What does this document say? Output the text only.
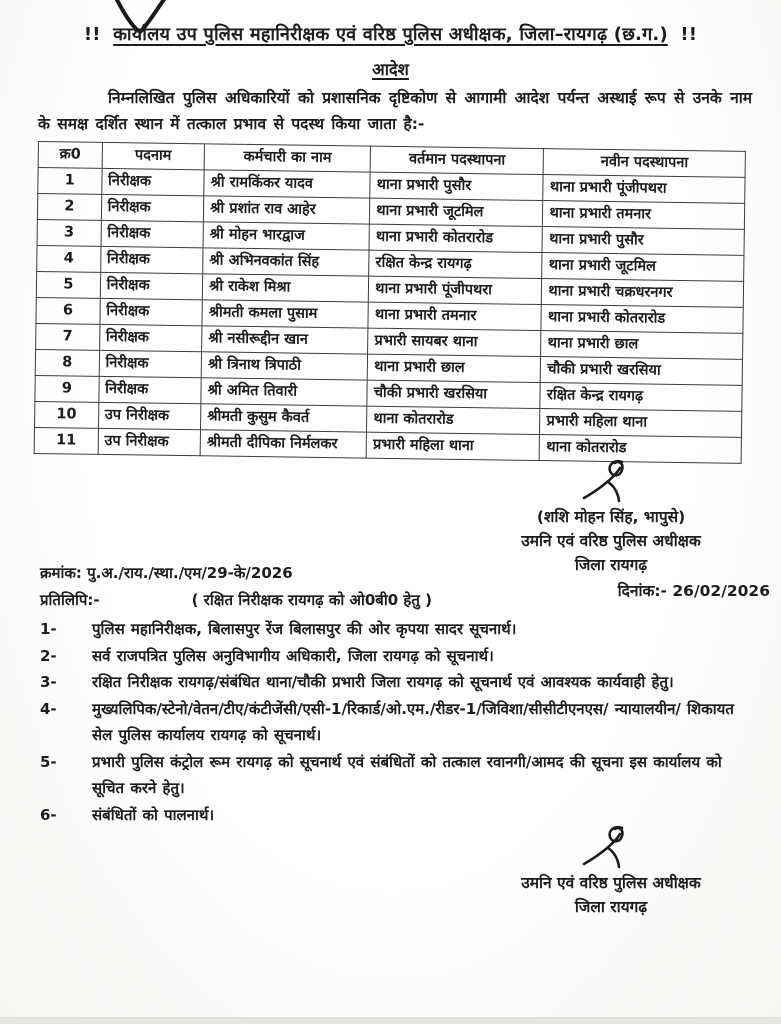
!! कार्यालय उप पुलिस महानिरीक्षक एवं वरिष्ठ पुलिस अधीक्षक, जिला–रायगढ़ (छ.ग.) !!
आदेश
निम्नलिखित पुलिस अधिकारियों को प्रशासनिक दृष्टिकोण से आगामी आदेश पर्यन्त अस्थाई रूप से उनके नाम के समक्ष दर्शित स्थान में तत्काल प्रभाव से पदस्थ किया जाता है:-
क्र0	पदनाम	कर्मचारी का नाम	वर्तमान पदस्थापना	नवीन पदस्थापना
1	निरीक्षक	श्री रामकिंकर यादव	थाना प्रभारी पुसौर	थाना प्रभारी पूंजीपथरा
2	निरीक्षक	श्री प्रशांत राव आहेर	थाना प्रभारी जूटमिल	थाना प्रभारी तमनार
3	निरीक्षक	श्री मोहन भारद्वाज	थाना प्रभारी कोतरारोड	थाना प्रभारी पुसौर
4	निरीक्षक	श्री अभिनवकांत सिंह	रक्षित केन्द्र रायगढ़	थाना प्रभारी जूटमिल
5	निरीक्षक	श्री राकेश मिश्रा	थाना प्रभारी पूंजीपथरा	थाना प्रभारी चक्रधरनगर
6	निरीक्षक	श्रीमती कमला पुसाम	थाना प्रभारी तमनार	थाना प्रभारी कोतरारोड
7	निरीक्षक	श्री नसीरूद्दीन खान	प्रभारी सायबर थाना	थाना प्रभारी छाल
8	निरीक्षक	श्री त्रिनाथ त्रिपाठी	थाना प्रभारी छाल	चौकी प्रभारी खरसिया
9	निरीक्षक	श्री अमित तिवारी	चौकी प्रभारी खरसिया	रक्षित केन्द्र रायगढ़
10	उप निरीक्षक	श्रीमती कुसुम कैवर्त	थाना कोतरारोड	प्रभारी महिला थाना
11	उप निरीक्षक	श्रीमती दीपिका निर्मलकर	प्रभारी महिला थाना	थाना कोतरारोड
(शशि मोहन सिंह, भापुसे)
उमनि एवं वरिष्ठ पुलिस अधीक्षक
जिला रायगढ़
दिनांक:- 26/02/2026
क्रमांक: पु.अ./राय./स्था./एम/29-के/2026
प्रतिलिपि:-	( रक्षित निरीक्षक रायगढ़ को ओ0बी0 हेतु )
1-	पुलिस महानिरीक्षक, बिलासपुर रेंज बिलासपुर की ओर कृपया सादर सूचनार्थ।
2-	सर्व राजपत्रित पुलिस अनुविभागीय अधिकारी, जिला रायगढ़ को सूचनार्थ।
3-	रक्षित निरीक्षक रायगढ़/संबंधित थाना/चौकी प्रभारी जिला रायगढ़ को सूचनार्थ एवं आवश्यक कार्यवाही हेतु।
4-	मुख्यलिपिक/स्टेनो/वेतन/टीए/कंटीजेंसी/एसी-1/रिकार्ड/ओ.एम./रीडर-1/जिविशा/सीसीटीएनएस/ न्यायालयीन/ शिकायत सेल पुलिस कार्यालय रायगढ़ को सूचनार्थ।
5-	प्रभारी पुलिस कंट्रोल रूम रायगढ़ को सूचनार्थ एवं संबंधितों को तत्काल रवानगी/आमद की सूचना इस कार्यालय को सूचित करने हेतु।
6-	संबंधितों को पालनार्थ।
उमनि एवं वरिष्ठ पुलिस अधीक्षक
जिला रायगढ़
